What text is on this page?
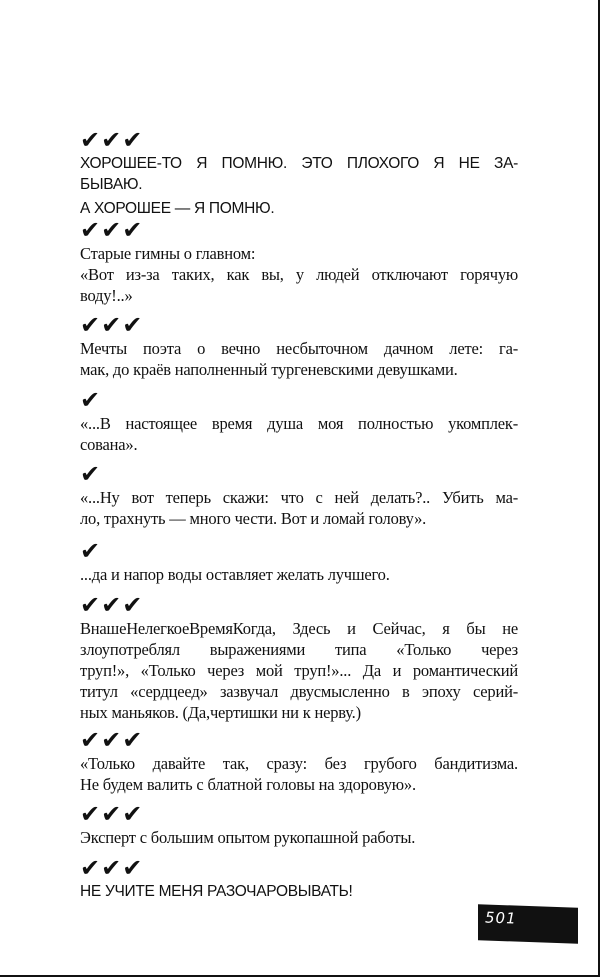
✔ ✔ ✔
ХОРОШЕЕ-ТО Я ПОМНЮ. ЭТО ПЛОХОГО Я НЕ ЗА-
БЫВАЮ.
А ХОРОШЕЕ — Я ПОМНЮ.
✔ ✔ ✔
Старые гимны о главном:
«Вот из-за таких, как вы, у людей отключают горячую
воду!..»
✔ ✔ ✔
Мечты поэта о вечно несбыточном дачном лете: га-
мак, до краёв наполненный тургеневскими девушками.
✔
«...В настоящее время душа моя полностью укомплек-
сована».
✔
«...Ну вот теперь скажи: что с ней делать?.. Убить ма-
ло, трахнуть — много чести. Вот и ломай голову».
✔
...да и напор воды оставляет желать лучшего.
✔ ✔ ✔
ВнашеНелегкоеВремяКогда, Здесь и Сейчас, я бы не
злоупотреблял выражениями типа «Только через
труп!», «Только через мой труп!»... Да и романтический
титул «сердцеед» зазвучал двусмысленно в эпоху серий-
ных маньяков. (Да,чертишки ни к нерву.)
✔ ✔ ✔
«Только давайте так, сразу: без грубого бандитизма.
Не будем валить с блатной головы на здоровую».
✔ ✔ ✔
Эксперт с большим опытом рукопашной работы.
✔ ✔ ✔
НЕ УЧИТЕ МЕНЯ РАЗОЧАРОВЫВАТЬ!
501
